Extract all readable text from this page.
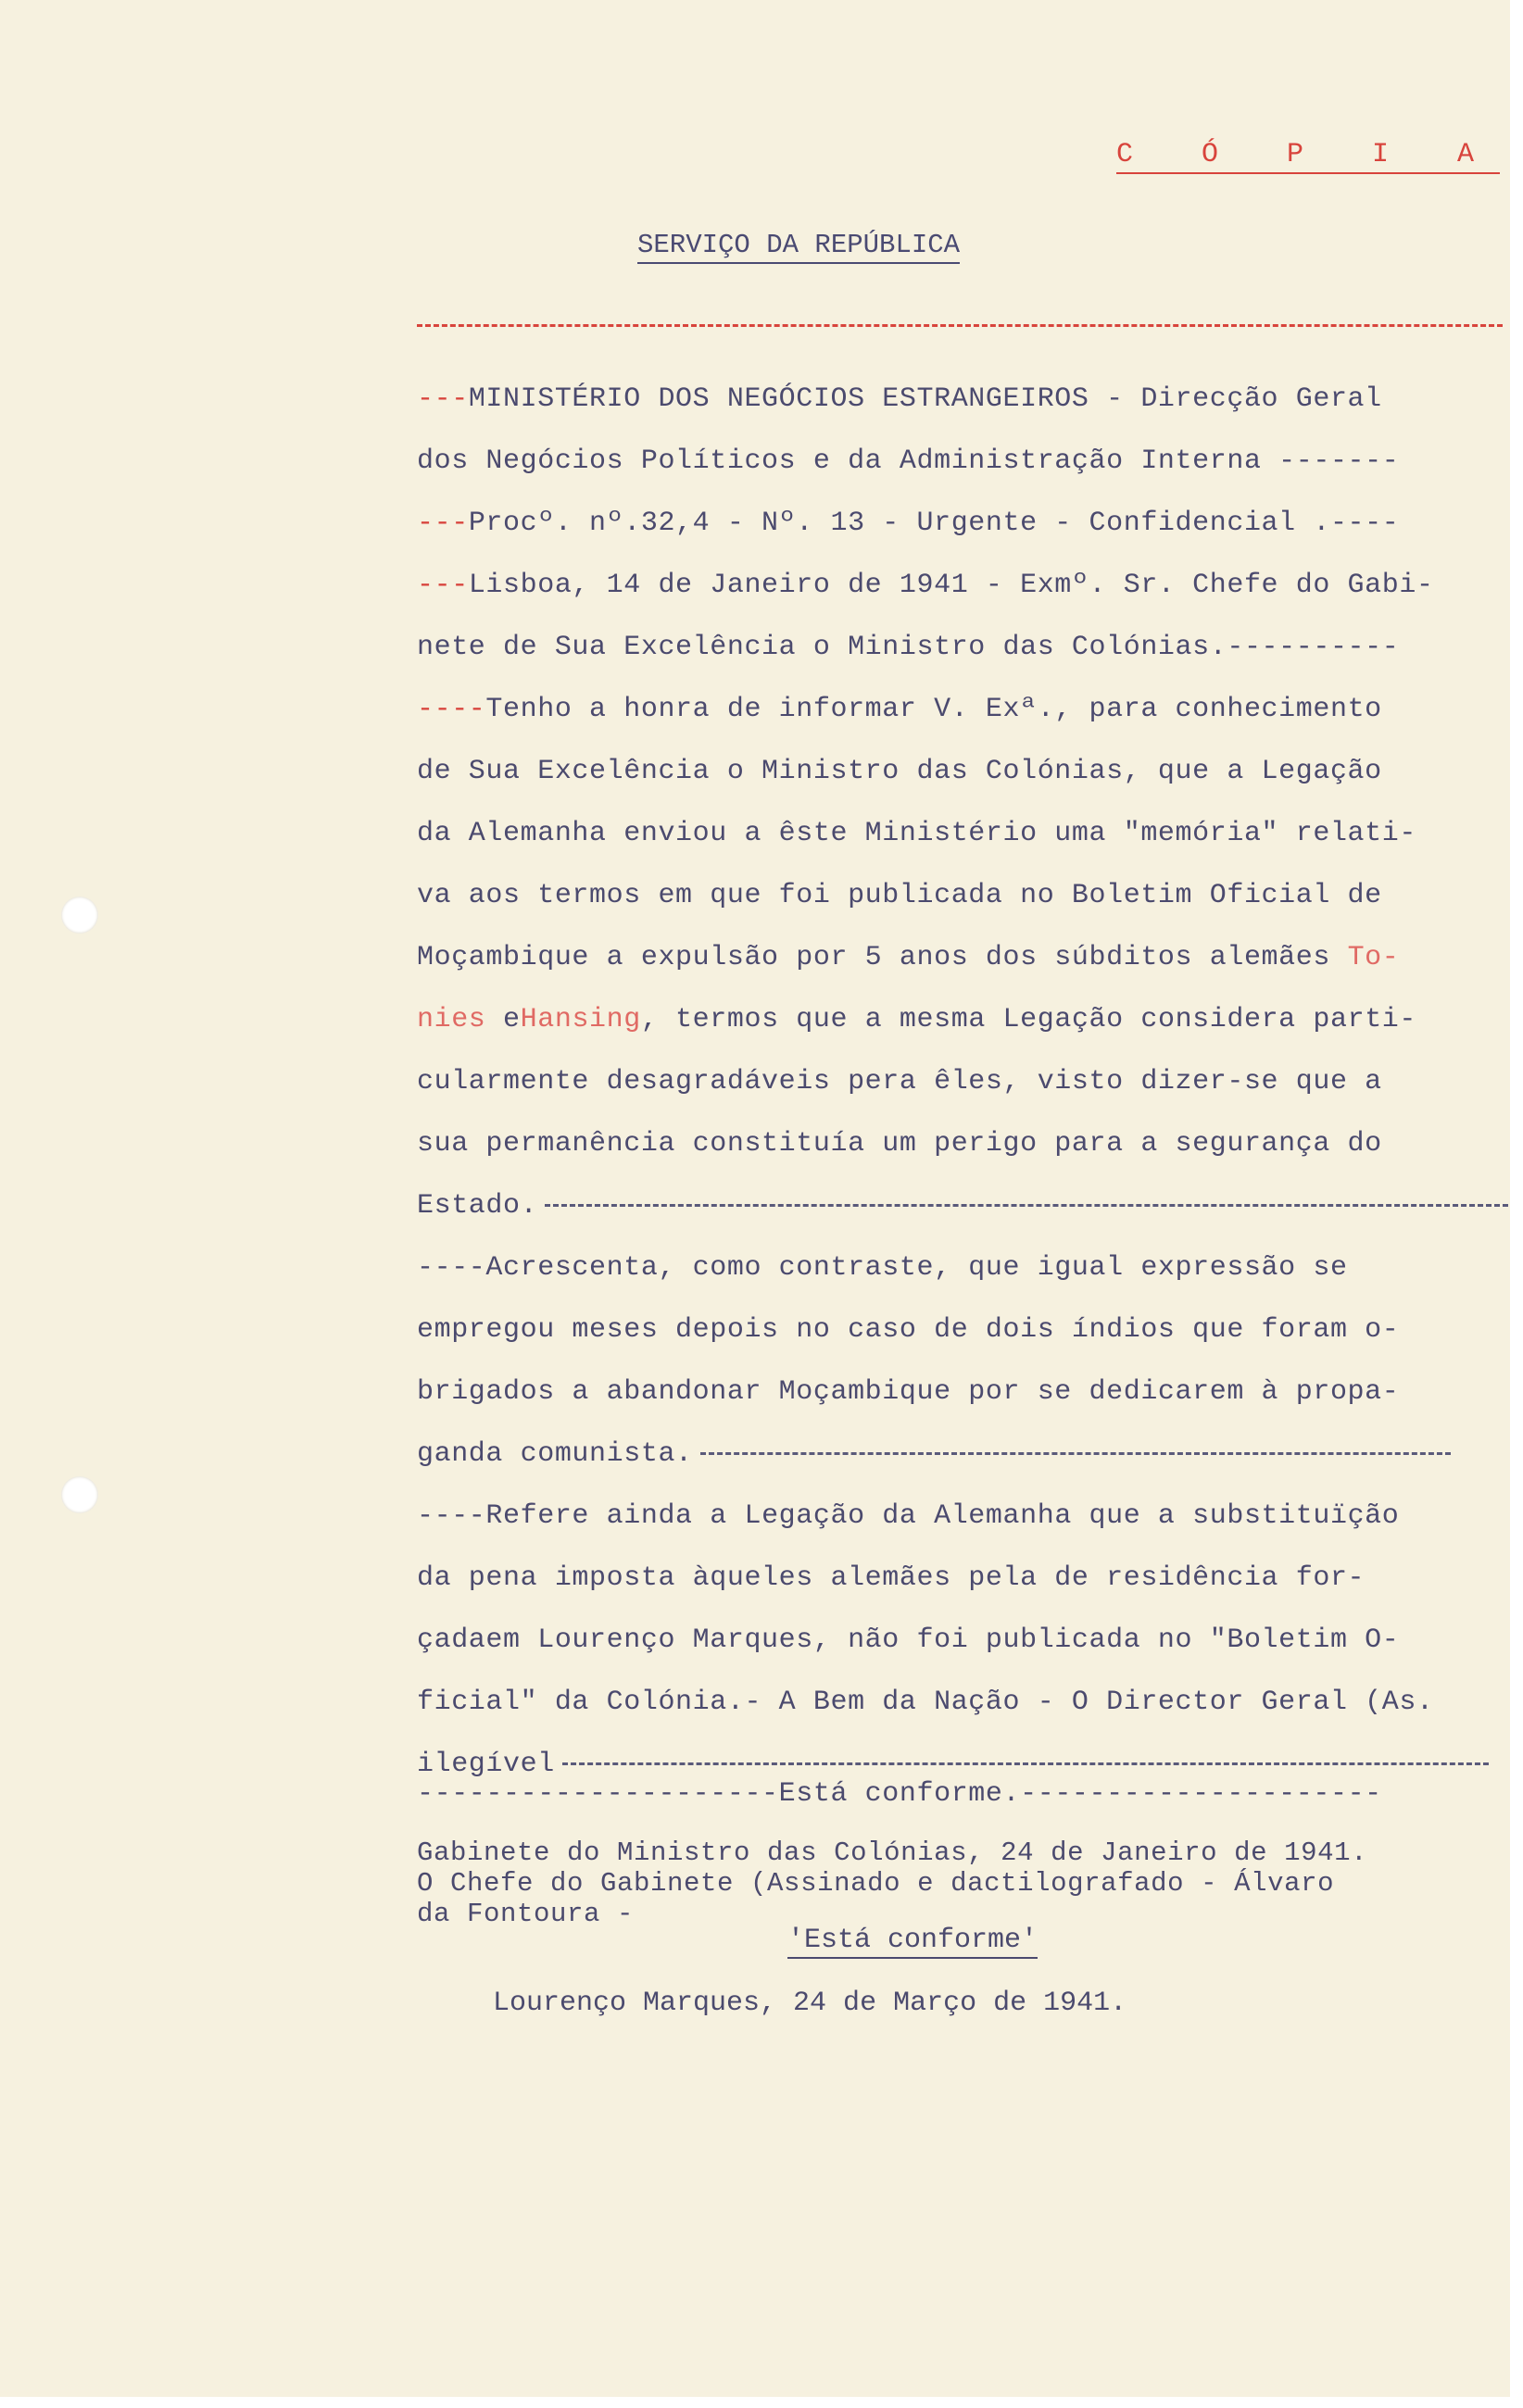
C Ó P I A
SERVIÇO DA REPÚBLICA
---MINISTÉRIO DOS NEGÓCIOS ESTRANGEIROS - Direcção Geral
dos Negócios Políticos e da Administração Interna -------
---Procº. nº.32,4 - Nº. 13 - Urgente - Confidencial .----
---Lisboa, 14 de Janeiro de 1941 - Exmº. Sr. Chefe do Gabi-
nete de Sua Excelência o Ministro das Colónias.----------
----Tenho a honra de informar V. Exª., para conhecimento
de Sua Excelência o Ministro das Colónias, que a Legação
da Alemanha enviou a êste Ministério uma "memória" relati-
va aos termos em que foi publicada no Boletim Oficial de
Moçambique a expulsão por 5 anos dos súbditos alemães To-
nies eHansing, termos que a mesma Legação considera parti-
cularmente desagradáveis pera êles, visto dizer-se que a
sua permanência constituía um perigo para a segurança do
Estado.
----Acrescenta, como contraste, que igual expressão se
empregou meses depois no caso de dois índios que foram o-
brigados a abandonar Moçambique por se dedicarem à propa-
ganda comunista.
----Refere ainda a Legação da Alemanha que a substituïção
da pena imposta àqueles alemães pela de residência for-
çadaem Lourenço Marques, não foi publicada no "Boletim O-
ficial" da Colónia.- A Bem da Nação - O Director Geral (As.
ilegível
---------------------Está conforme.---------------------
Gabinete do Ministro das Colónias, 24 de Janeiro de 1941.
O Chefe do Gabinete (Assinado e dactilografado - Álvaro
da Fontoura -
'Está conforme'
Lourenço Marques, 24 de Março de 1941.
